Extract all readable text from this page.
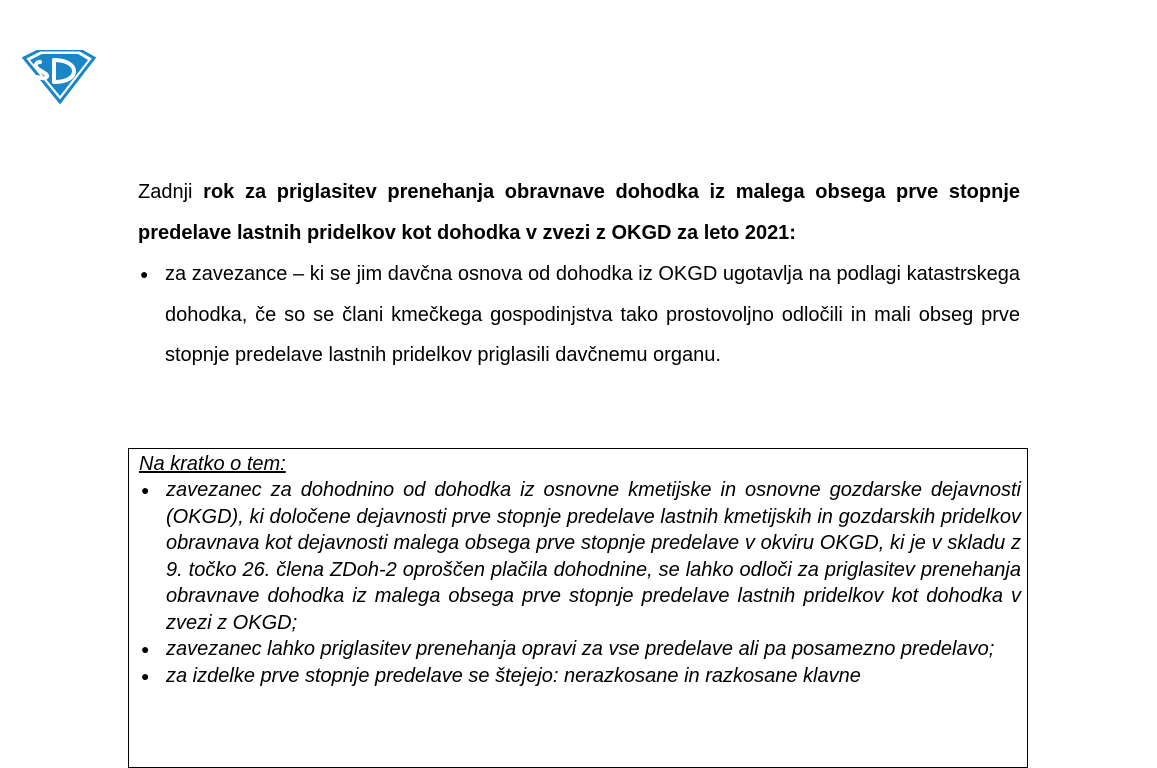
Zadnji rok za priglasitev prenehanja obravnave dohodka iz malega obsega prve stopnje predelave lastnih pridelkov kot dohodka v zvezi z OKGD za leto 2021:

● za zavezance – ki se jim davčna osnova od dohodka iz OKGD ugotavlja na podlagi katastrskega dohodka, če so se člani kmečkega gospodinjstva tako prostovoljno odločili in mali obseg prve stopnje predelave lastnih pridelkov priglasili davčnemu organu.

Na kratko o tem:

● zavezanec za dohodnino od dohodka iz osnovne kmetijske in osnovne gozdarske dejavnosti (OKGD), ki določene dejavnosti prve stopnje predelave lastnih kmetijskih in gozdarskih pridelkov obravnava kot dejavnosti malega obsega prve stopnje predelave v okviru OKGD, ki je v skladu z 9. točko 26. člena ZDoh-2 oproščen plačila dohodnine, se lahko odloči za priglasitev prenehanja obravnave dohodka iz malega obsega prve stopnje predelave lastnih pridelkov kot dohodka v zvezi z OKGD;
● zavezanec lahko priglasitev prenehanja opravi za vse predelave ali pa posamezno predelavo;
● za izdelke prve stopnje predelave se štejejo: nerazkosane in razkosane klavne
